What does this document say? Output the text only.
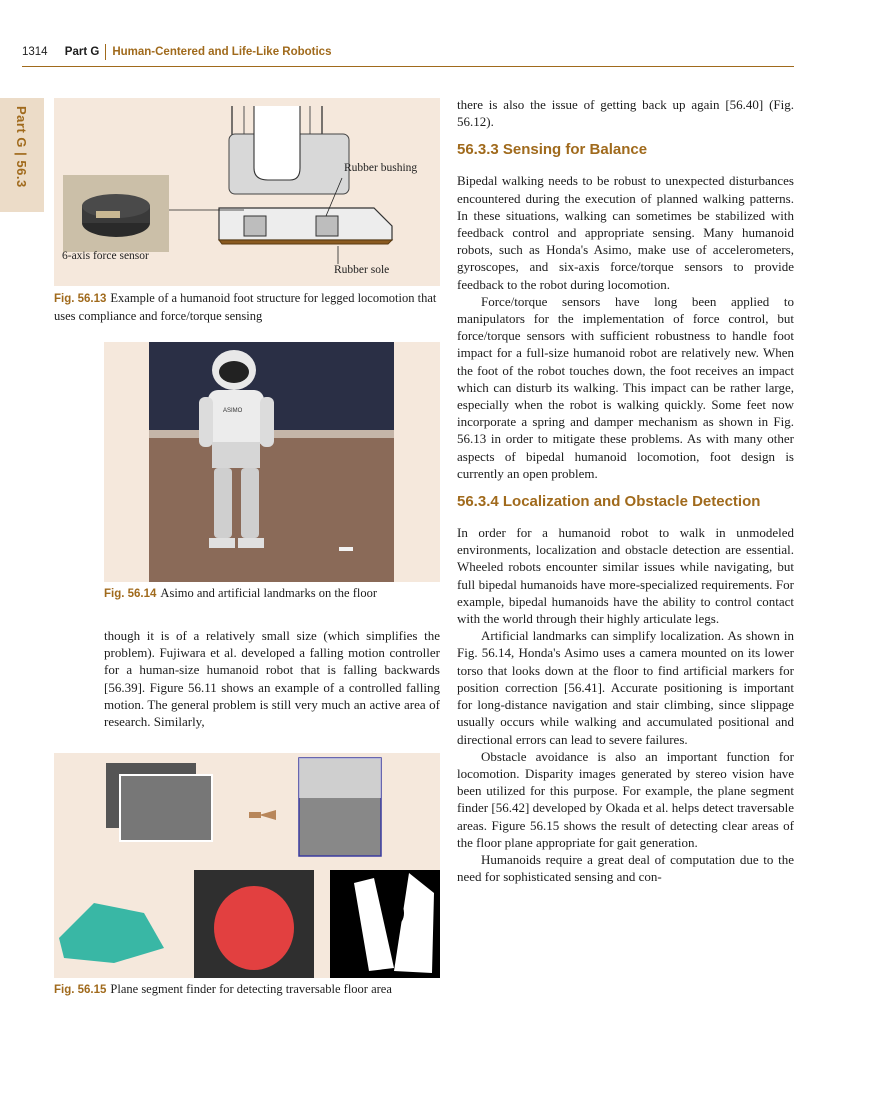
1314 Part G Human-Centered and Life-Like Robotics
Part G | 56.3	Rubber bushing
6-axis force sensor
Rubber sole
Fig. 56.13 Example of a humanoid foot structure for legged locomotion that uses compliance and force/torque sensing
ASIMO
Fig. 56.14 Asimo and artificial landmarks on the floor

though it is of a relatively small size (which simplifies the problem). Fujiwara et al. developed a falling motion controller for a human-size humanoid robot that is falling backwards [56.39]. Figure 56.11 shows an example of a controlled falling motion. The general problem is still very much an active area of research. Similarly,

Fig. 56.15 Plane segment finder for detecting traversable floor area

there is also the issue of getting back up again [56.40] (Fig. 56.12).

56.3.3 Sensing for Balance

Bipedal walking needs to be robust to unexpected disturbances encountered during the execution of planned walking patterns. In these situations, walking can sometimes be stabilized with feedback control and appropriate sensing. Many humanoid robots, such as Honda's Asimo, make use of accelerometers, gyroscopes, and six-axis force/torque sensors to provide feedback to the robot during locomotion.

Force/torque sensors have long been applied to manipulators for the implementation of force control, but force/torque sensors with sufficient robustness to handle foot impact for a full-size humanoid robot are relatively new. When the foot of the robot touches down, the foot receives an impact which can disturb its walking. This impact can be rather large, especially when the robot is walking quickly. Some feet now incorporate a spring and damper mechanism as shown in Fig. 56.13 in order to mitigate these problems. As with many other aspects of bipedal humanoid locomotion, foot design is currently an open problem.

56.3.4 Localization and Obstacle Detection

In order for a humanoid robot to walk in unmodeled environments, localization and obstacle detection are essential. Wheeled robots encounter similar issues while navigating, but full bipedal humanoids have more-specialized requirements. For example, bipedal humanoids have the ability to control contact with the world through their highly articulate legs.

Artificial landmarks can simplify localization. As shown in Fig. 56.14, Honda's Asimo uses a camera mounted on its lower torso that looks down at the floor to find artificial markers for position correction [56.41]. Accurate positioning is important for long-distance navigation and stair climbing, since slippage usually occurs while walking and accumulated positional and directional errors can lead to severe failures.

Obstacle avoidance is also an important function for locomotion. Disparity images generated by stereo vision have been utilized for this purpose. For example, the plane segment finder [56.42] developed by Okada et al. helps detect traversable areas. Figure 56.15 shows the result of detecting clear areas of the floor plane appropriate for gait generation.

Humanoids require a great deal of computation due to the need for sophisticated sensing and con-
